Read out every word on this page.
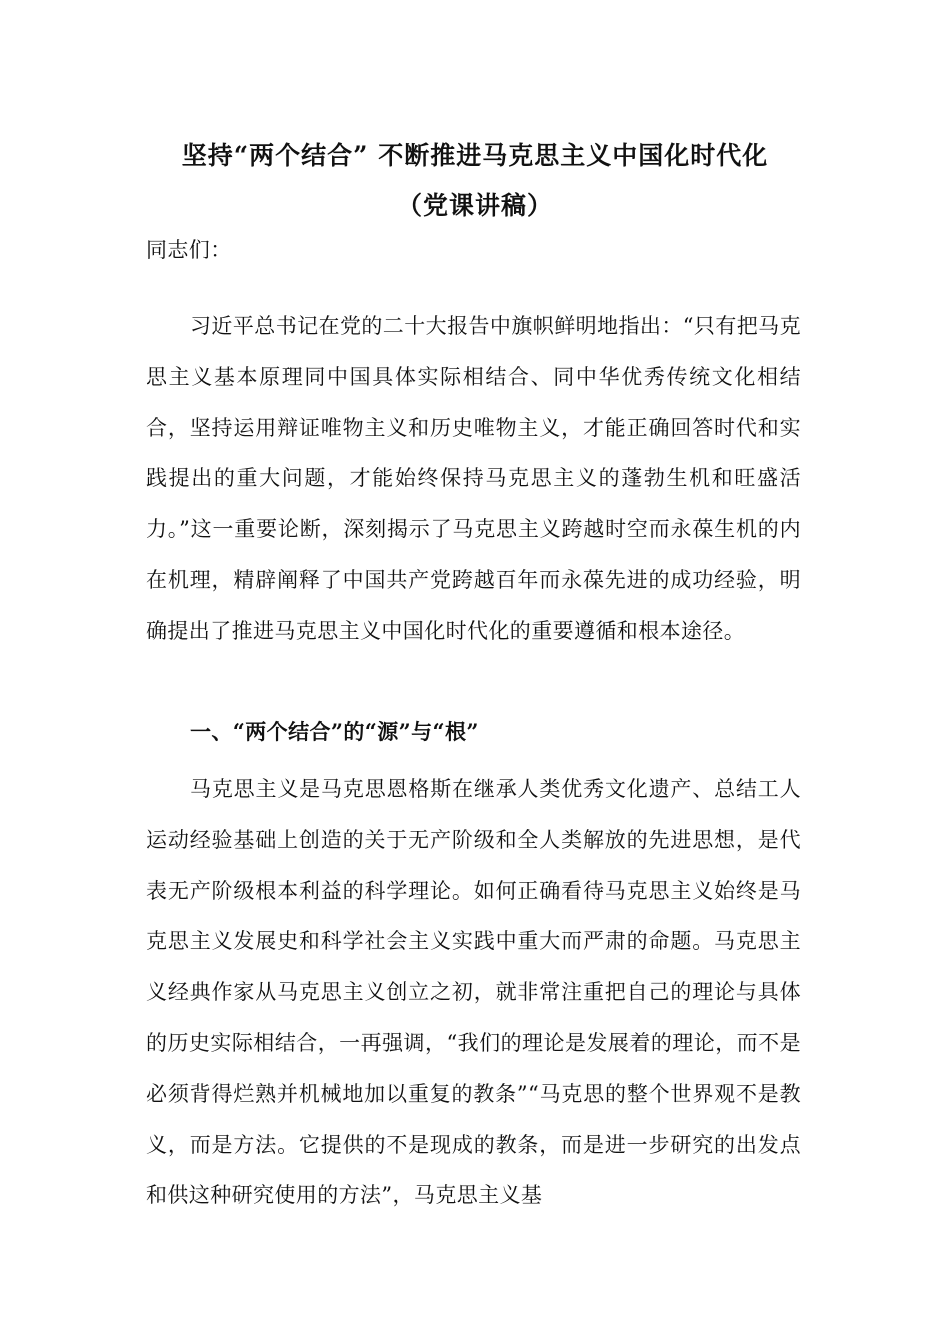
坚持“两个结合” 不断推进马克思主义中国化时代化
（党课讲稿）
同志们：
习近平总书记在党的二十大报告中旗帜鲜明地指出：“只有把马克思主义基本原理同中国具体实际相结合、同中华优秀传统文化相结合，坚持运用辩证唯物主义和历史唯物主义，才能正确回答时代和实践提出的重大问题，才能始终保持马克思主义的蓬勃生机和旺盛活力。”这一重要论断，深刻揭示了马克思主义跨越时空而永葆生机的内在机理，精辟阐释了中国共产党跨越百年而永葆先进的成功经验，明确提出了推进马克思主义中国化时代化的重要遵循和根本途径。
一、“两个结合”的“源”与“根”
马克思主义是马克思恩格斯在继承人类优秀文化遗产、总结工人运动经验基础上创造的关于无产阶级和全人类解放的先进思想，是代表无产阶级根本利益的科学理论。如何正确看待马克思主义始终是马克思主义发展史和科学社会主义实践中重大而严肃的命题。马克思主义经典作家从马克思主义创立之初，就非常注重把自己的理论与具体的历史实际相结合，一再强调，“我们的理论是发展着的理论，而不是必须背得烂熟并机械地加以重复的教条”“马克思的整个世界观不是教义，而是方法。它提供的不是现成的教条，而是进一步研究的出发点和供这种研究使用的方法”，马克思主义基
